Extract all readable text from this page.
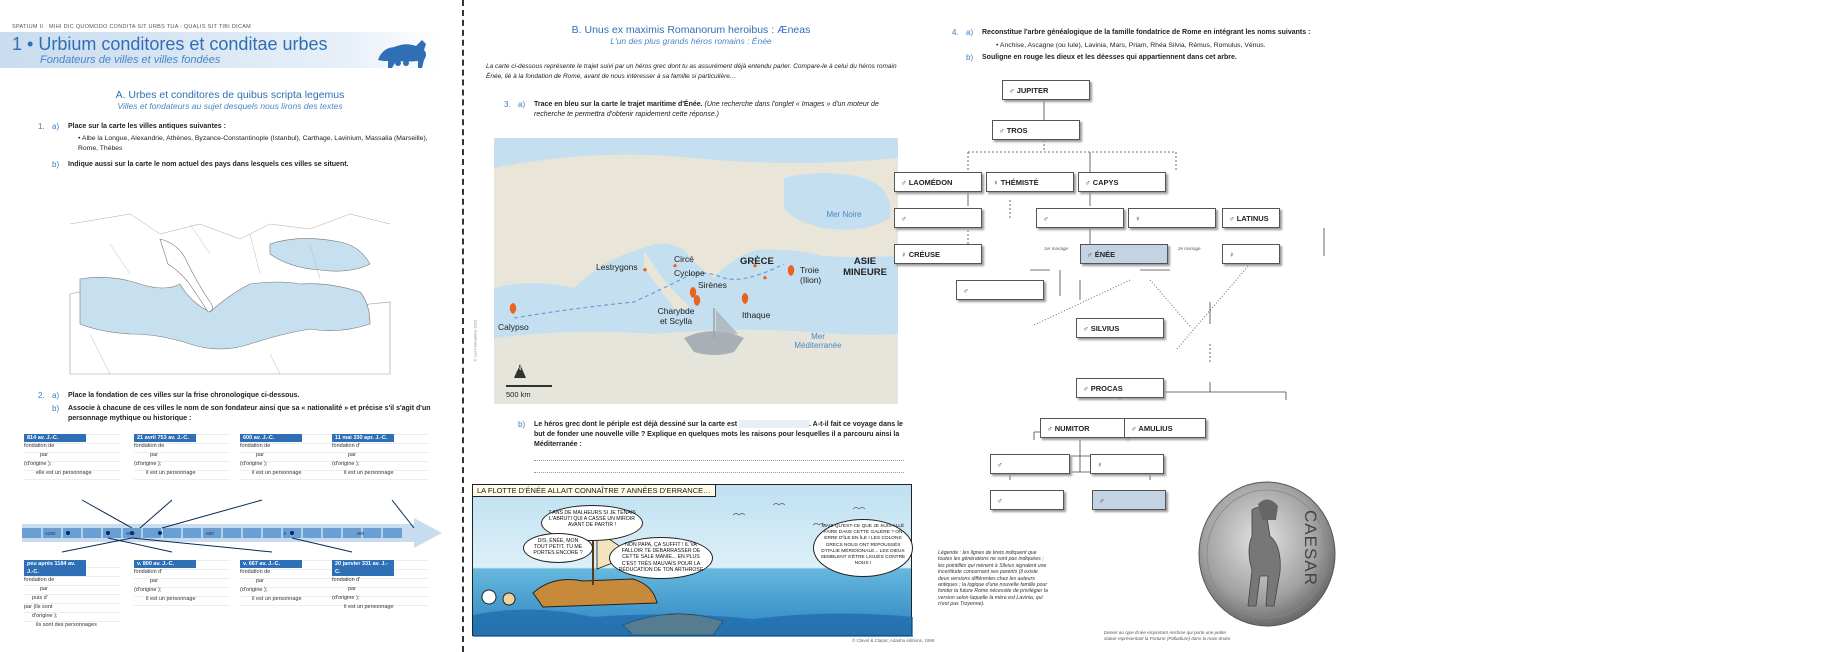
SPATIUM II · MIHI DIC QUOMODO CONDITA SIT URBS TUA : QUALIS SIT TIBI DICAM
1 • Urbium conditores et conditae urbes
Fondateurs de villes et villes fondées
A. Urbes et conditores de quibus scripta legemus
Villes et fondateurs au sujet desquels nous lirons des textes
1. a) Place sur la carte les villes antiques suivantes :
• Albe la Longue, Alexandrie, Athènes, Byzance-Constantinople (Istanbul), Carthage, Lavinium, Massalia (Marseille), Rome, Thèbes
b) Indique aussi sur la carte le nom actuel des pays dans lesquels ces villes se situent.
2. a) Place la fondation de ces villes sur la frise chronologique ci-dessous.
b) Associe à chacune de ces villes le nom de son fondateur ainsi que sa « nationalité » et précise s'il s'agit d'un personnage mythique ou historique :
814 av. J.-C.
fondation de
par
(d'origine );
elle est un personnage
21 avril 753 av. J.-C.
fondation de
par
(d'origine );
il est un personnage
600 av. J.-C.
fondation de
par
(d'origine );
il est un personnage
11 mai 330 apr. J.-C.
fondation d'
par
(d'origine );
il est un personnage
-1200	-800	-400	0	400
peu après 1184 av. J.-C.
fondation de
par
puis d'
par (ils sont
d'origine );
ils sont des personnages
v. 800 av. J.-C.
fondation d'
par
(d'origine );
il est un personnage
v. 667 av. J.-C.
fondation de
par
(d'origine );
il est un personnage
20 janvier 331 av. J.-C.
fondation d'
par
(d'origine );
il est un personnage
B. Unus ex maximis Romanorum heroibus : Æneas
L'un des plus grands héros romains : Énée
La carte ci-dessous représente le trajet suivi par un héros grec dont tu as assurément déjà entendu parler. Compare-le à celui du héros romain Énée, lié à la fondation de Rome, avant de nous intéresser à sa famille si particulière…
3. a) Trace en bleu sur la carte le trajet maritime d'Énée. (Une recherche dans l'onglet « Images » d'un moteur de recherche te permettra d'obtenir rapidement cette réponse.)
Mer Noire
Lestrygons
Circé
Cyclope
Sirènes
GRÈCE
Troie (Ilion)
ASIE MINEURE
Calypso
Charybde et Scylla
Ithaque
Mer Méditerranée
N
500 km
© Les Formations 2016
b) Le héros grec dont le périple est déjà dessiné sur la carte est	. A-t-il fait ce voyage dans le but de fonder une nouvelle ville ? Explique en quelques mots les raisons pour lesquelles il a parcouru ainsi la Méditerranée :
LA FLOTTE D'ÉNÉE ALLAIT CONNAÎTRE 7 ANNÉES D'ERRANCE…
7 ANS DE MALHEURS SI JE TENAIS L'ABRUTI QUI A CASSÉ UN MIROIR AVANT DE PARTIR !
DIS, ÉNÉE, MON TOUT PETIT, TU ME PORTES ENCORE ?
NON PAPA, ÇA SUFFIT ! IL VA FALLOIR TE DÉBARRASSER DE CETTE SALE MANIE... EN PLUS C'EST TRÈS MAUVAIS POUR LA RÉDUCATION DE TON ARTHROSE
MAIS QU'EST-CE QUE JE SUIS ALLÉ FAIRE DANS CETTE GALÈRE ? ON ERRE D'ÎLE EN ÎLE ! LES COLONS GRECS NOUS ONT REPOUSSÉS D'ITALIE MÉRIDIONALE... LES DIEUX SEMBLENT S'ÊTRE LIGUÉS CONTRE NOUS !
© Clavel & Clapat, Adasha éditions, 1996
4. a) Reconstitue l'arbre généalogique de la famille fondatrice de Rome en intégrant les noms suivants :
• Anchise, Ascagne (ou Iule), Lavinia, Mars, Priam, Rhéa Silvia, Rémus, Romulus, Vénus.
b) Souligne en rouge les dieux et les déesses qui appartiennent dans cet arbre.
♂ JUPITER
♂ TROS
♂ LAOMÉDON	♀ THÉMISTÉ	♂ CAPYS
♂	♂	♀	♂ LATINUS
♀ CRÉUSE	♂ ÉNÉE	♀
1er mariage	2e mariage
♂
♂ SILVIUS
♂ PROCAS
♂ NUMITOR	♂ AMULIUS
♂	♀
♂	♂
Légende : les lignes de tirets indiquent que toutes les générations ne sont pas indiquées ; les pointillés qui mènent à Silvius signalent une incertitude concernant ses parents (il existe deux versions différentes chez les auteurs antiques ; la logique d'une nouvelle famille pour fonder la future Rome nécessite de privilégier la version selon laquelle la mère est Lavinia, qui n'est pas Troyenne).
CAESAR
Denier au type Énée emportant Anchise qui porte une petite statue représentant la Fortune (Palladium) dans la main droite.
